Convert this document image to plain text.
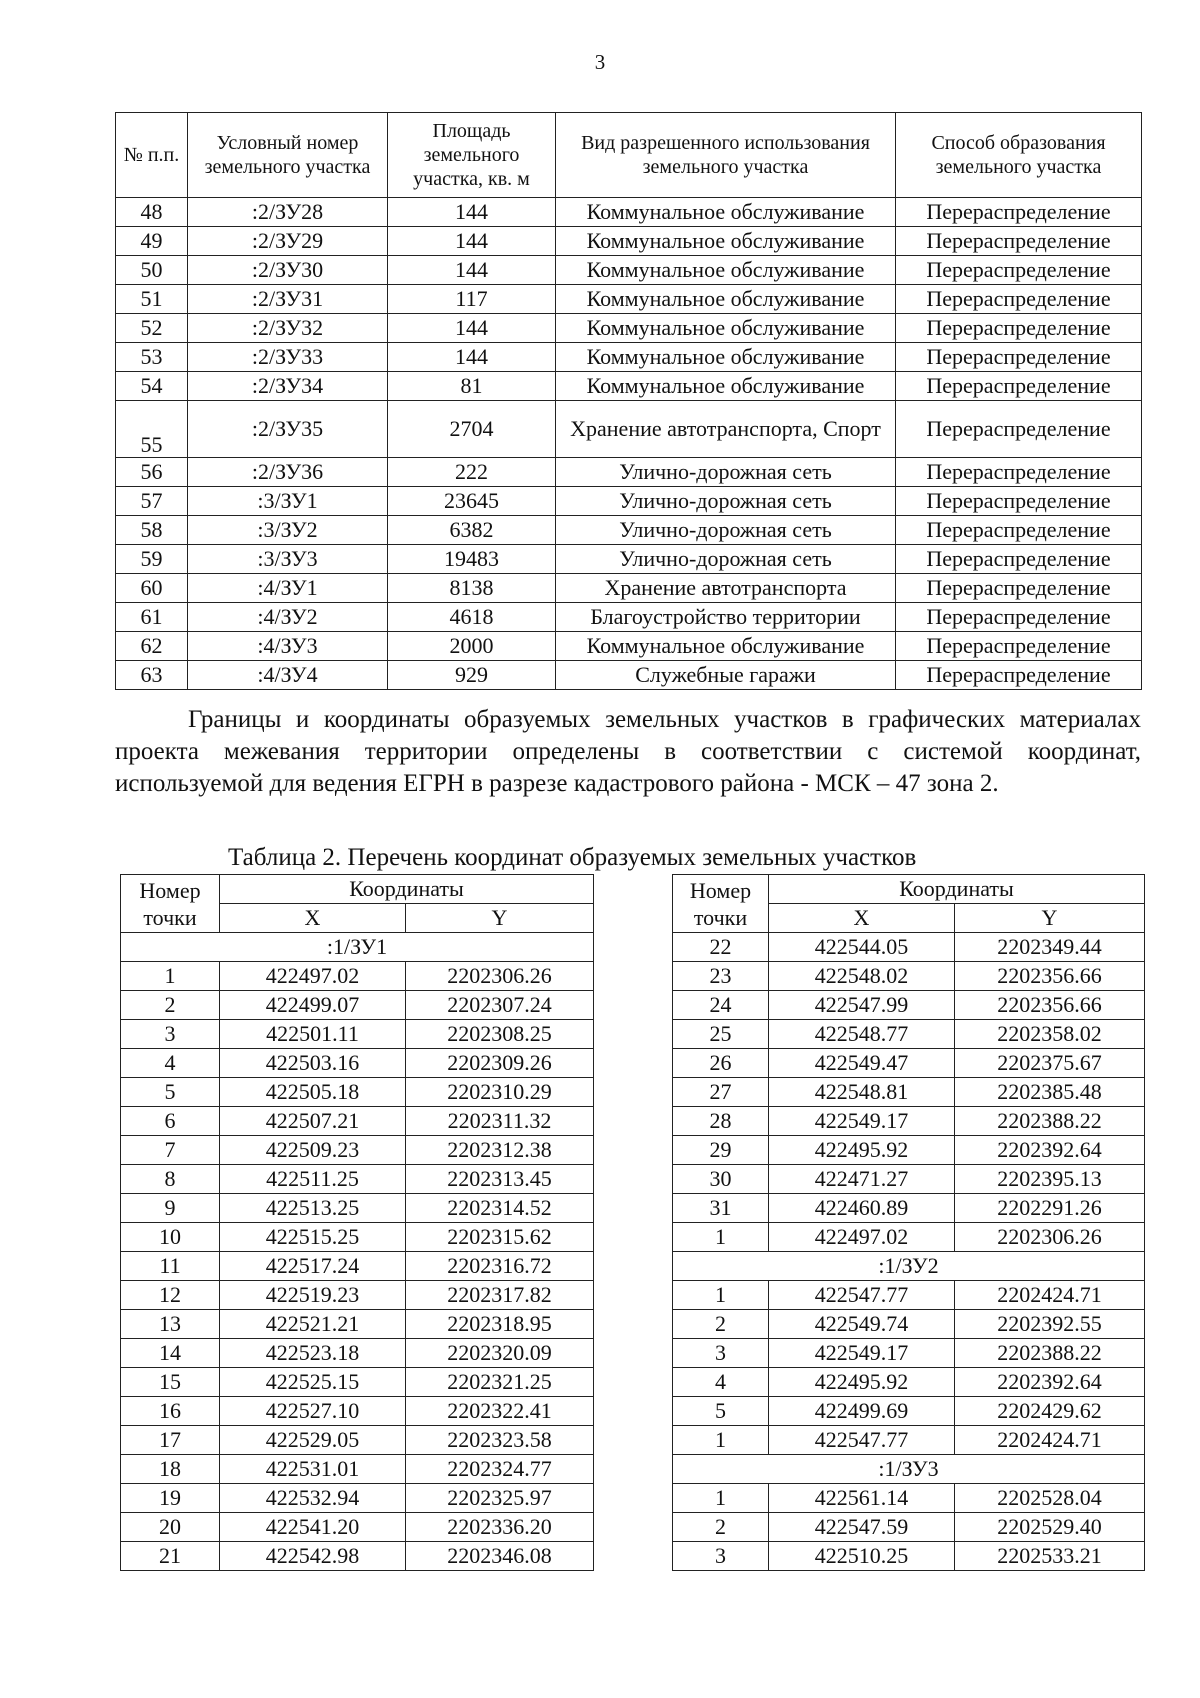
3
№ п.п.	Условный номер земельного участка	Площадь земельного участка, кв. м	Вид разрешенного использования земельного участка	Способ образования земельного участка
48	:2/ЗУ28	144	Коммунальное обслуживание	Перераспределение
49	:2/ЗУ29	144	Коммунальное обслуживание	Перераспределение
50	:2/ЗУ30	144	Коммунальное обслуживание	Перераспределение
51	:2/ЗУ31	117	Коммунальное обслуживание	Перераспределение
52	:2/ЗУ32	144	Коммунальное обслуживание	Перераспределение
53	:2/ЗУ33	144	Коммунальное обслуживание	Перераспределение
54	:2/ЗУ34	81	Коммунальное обслуживание	Перераспределение
55	:2/ЗУ35	2704	Хранение автотранспорта, Спорт	Перераспределение
56	:2/ЗУ36	222	Улично-дорожная сеть	Перераспределение
57	:3/ЗУ1	23645	Улично-дорожная сеть	Перераспределение
58	:3/ЗУ2	6382	Улично-дорожная сеть	Перераспределение
59	:3/ЗУ3	19483	Улично-дорожная сеть	Перераспределение
60	:4/ЗУ1	8138	Хранение автотранспорта	Перераспределение
61	:4/ЗУ2	4618	Благоустройство территории	Перераспределение
62	:4/ЗУ3	2000	Коммунальное обслуживание	Перераспределение
63	:4/ЗУ4	929	Служебные гаражи	Перераспределение

Границы и координаты образуемых земельных участков в графических материалах проекта межевания территории определены в соответствии с системой координат, используемой для ведения ЕГРН в разрезе кадастрового района - МСК – 47 зона 2.

Таблица 2. Перечень координат образуемых земельных участков
Номер точки	Координаты	
	X	Y
:1/ЗУ1		
1	422497.02	2202306.26
2	422499.07	2202307.24
3	422501.11	2202308.25
4	422503.16	2202309.26
5	422505.18	2202310.29
6	422507.21	2202311.32
7	422509.23	2202312.38
8	422511.25	2202313.45
9	422513.25	2202314.52
10	422515.25	2202315.62
11	422517.24	2202316.72
12	422519.23	2202317.82
13	422521.21	2202318.95
14	422523.18	2202320.09
15	422525.15	2202321.25
16	422527.10	2202322.41
17	422529.05	2202323.58
18	422531.01	2202324.77
19	422532.94	2202325.97
20	422541.20	2202336.20
21	422542.98	2202346.08
Номер точки	Координаты	
	X	Y
22	422544.05	2202349.44
23	422548.02	2202356.66
24	422547.99	2202356.66
25	422548.77	2202358.02
26	422549.47	2202375.67
27	422548.81	2202385.48
28	422549.17	2202388.22
29	422495.92	2202392.64
30	422471.27	2202395.13
31	422460.89	2202291.26
1	422497.02	2202306.26
:1/ЗУ2		
1	422547.77	2202424.71
2	422549.74	2202392.55
3	422549.17	2202388.22
4	422495.92	2202392.64
5	422499.69	2202429.62
1	422547.77	2202424.71
:1/ЗУ3		
1	422561.14	2202528.04
2	422547.59	2202529.40
3	422510.25	2202533.21
